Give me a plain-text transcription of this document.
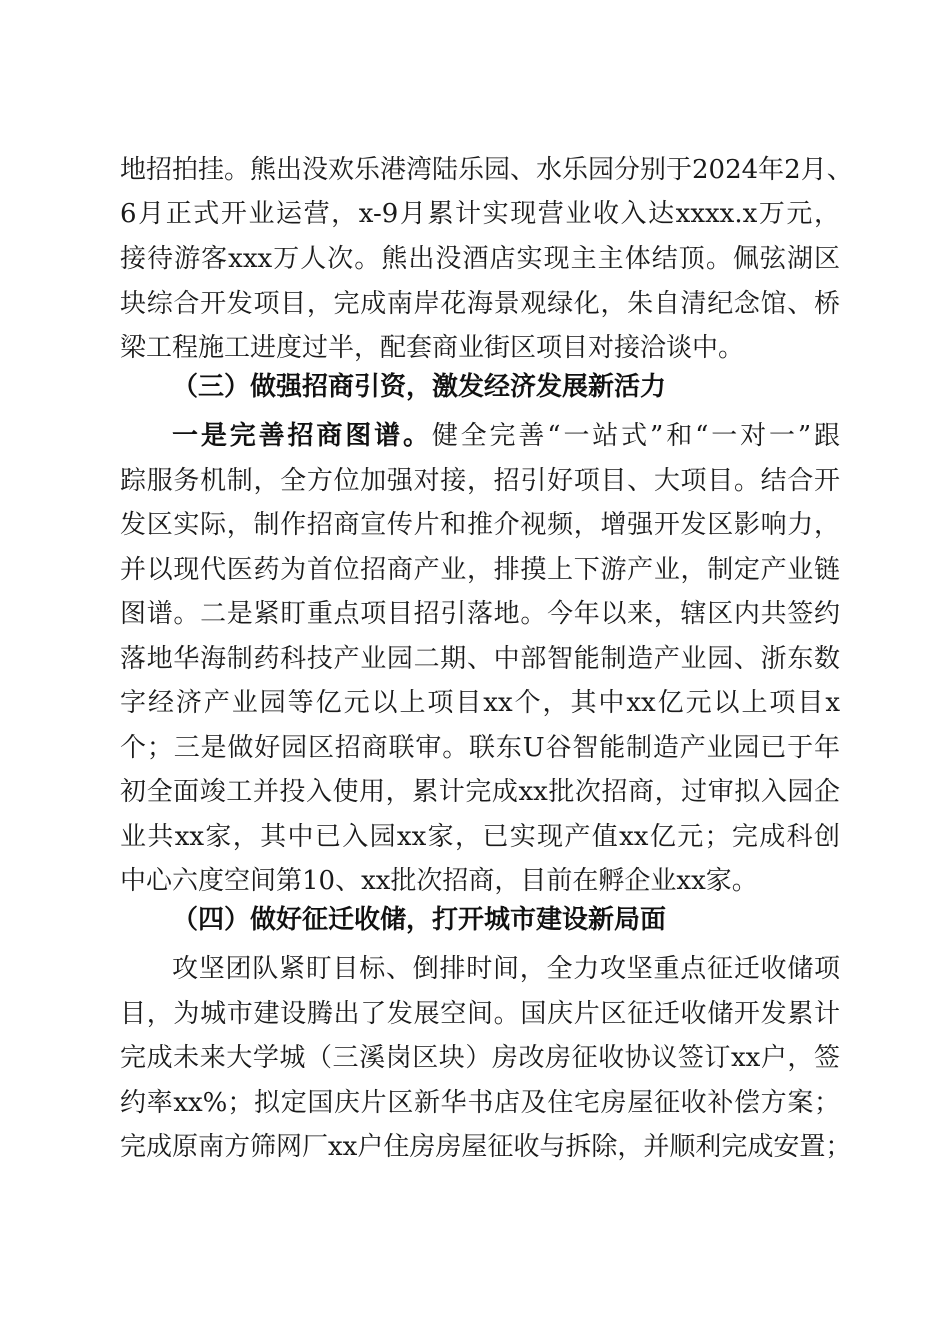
地招拍挂。熊出没欢乐港湾陆乐园、水乐园分别于2024年2月、
6月正式开业运营，x-9月累计实现营业收入达xxxx.x万元，
接待游客xxx万人次。熊出没酒店实现主主体结顶。佩弦湖区
块综合开发项目，完成南岸花海景观绿化，朱自清纪念馆、桥
梁工程施工进度过半，配套商业街区项目对接洽谈中。
（三）做强招商引资，激发经济发展新活力
一是完善招商图谱。健全完善“一站式”和“一对一”跟
踪服务机制，全方位加强对接，招引好项目、大项目。结合开
发区实际，制作招商宣传片和推介视频，增强开发区影响力，
并以现代医药为首位招商产业，排摸上下游产业，制定产业链
图谱。二是紧盯重点项目招引落地。今年以来，辖区内共签约
落地华海制药科技产业园二期、中部智能制造产业园、浙东数
字经济产业园等亿元以上项目xx个，其中xx亿元以上项目x
个；三是做好园区招商联审。联东U谷智能制造产业园已于年
初全面竣工并投入使用，累计完成xx批次招商，过审拟入园企
业共xx家，其中已入园xx家，已实现产值xx亿元；完成科创
中心六度空间第10、xx批次招商，目前在孵企业xx家。
（四）做好征迁收储，打开城市建设新局面
攻坚团队紧盯目标、倒排时间，全力攻坚重点征迁收储项
目，为城市建设腾出了发展空间。国庆片区征迁收储开发累计
完成未来大学城（三溪岗区块）房改房征收协议签订xx户，签
约率xx%；拟定国庆片区新华书店及住宅房屋征收补偿方案；
完成原南方筛网厂xx户住房房屋征收与拆除，并顺利完成安置；
